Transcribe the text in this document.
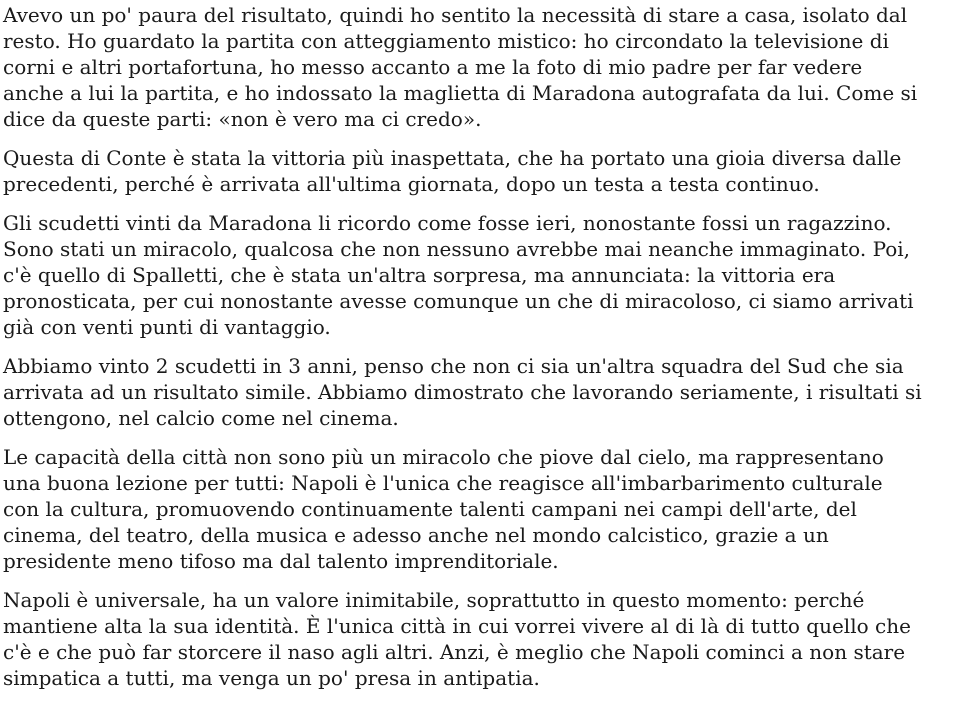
Avevo un po' paura del risultato, quindi ho sentito la necessità di stare a casa, isolato dal resto. Ho guardato la partita con atteggiamento mistico: ho circondato la televisione di corni e altri portafortuna, ho messo accanto a me la foto di mio padre per far vedere anche a lui la partita, e ho indossato la maglietta di Maradona autografata da lui. Come si dice da queste parti: «non è vero ma ci credo».

Questa di Conte è stata la vittoria più inaspettata, che ha portato una gioia diversa dalle precedenti, perché è arrivata all'ultima giornata, dopo un testa a testa continuo.

Gli scudetti vinti da Maradona li ricordo come fosse ieri, nonostante fossi un ragazzino. Sono stati un miracolo, qualcosa che non nessuno avrebbe mai neanche immaginato. Poi, c'è quello di Spalletti, che è stata un'altra sorpresa, ma annunciata: la vittoria era pronosticata, per cui nonostante avesse comunque un che di miracoloso, ci siamo arrivati già con venti punti di vantaggio.

Abbiamo vinto 2 scudetti in 3 anni, penso che non ci sia un'altra squadra del Sud che sia arrivata ad un risultato simile. Abbiamo dimostrato che lavorando seriamente, i risultati si ottengono, nel calcio come nel cinema.

Le capacità della città non sono più un miracolo che piove dal cielo, ma rappresentano una buona lezione per tutti: Napoli è l'unica che reagisce all'imbarbarimento culturale con la cultura, promuovendo continuamente talenti campani nei campi dell'arte, del cinema, del teatro, della musica e adesso anche nel mondo calcistico, grazie a un presidente meno tifoso ma dal talento imprenditoriale.

Napoli è universale, ha un valore inimitabile, soprattutto in questo momento: perché mantiene alta la sua identità. È l'unica città in cui vorrei vivere al di là di tutto quello che c'è e che può far storcere il naso agli altri. Anzi, è meglio che Napoli cominci a non stare simpatica a tutti, ma venga un po' presa in antipatia.
